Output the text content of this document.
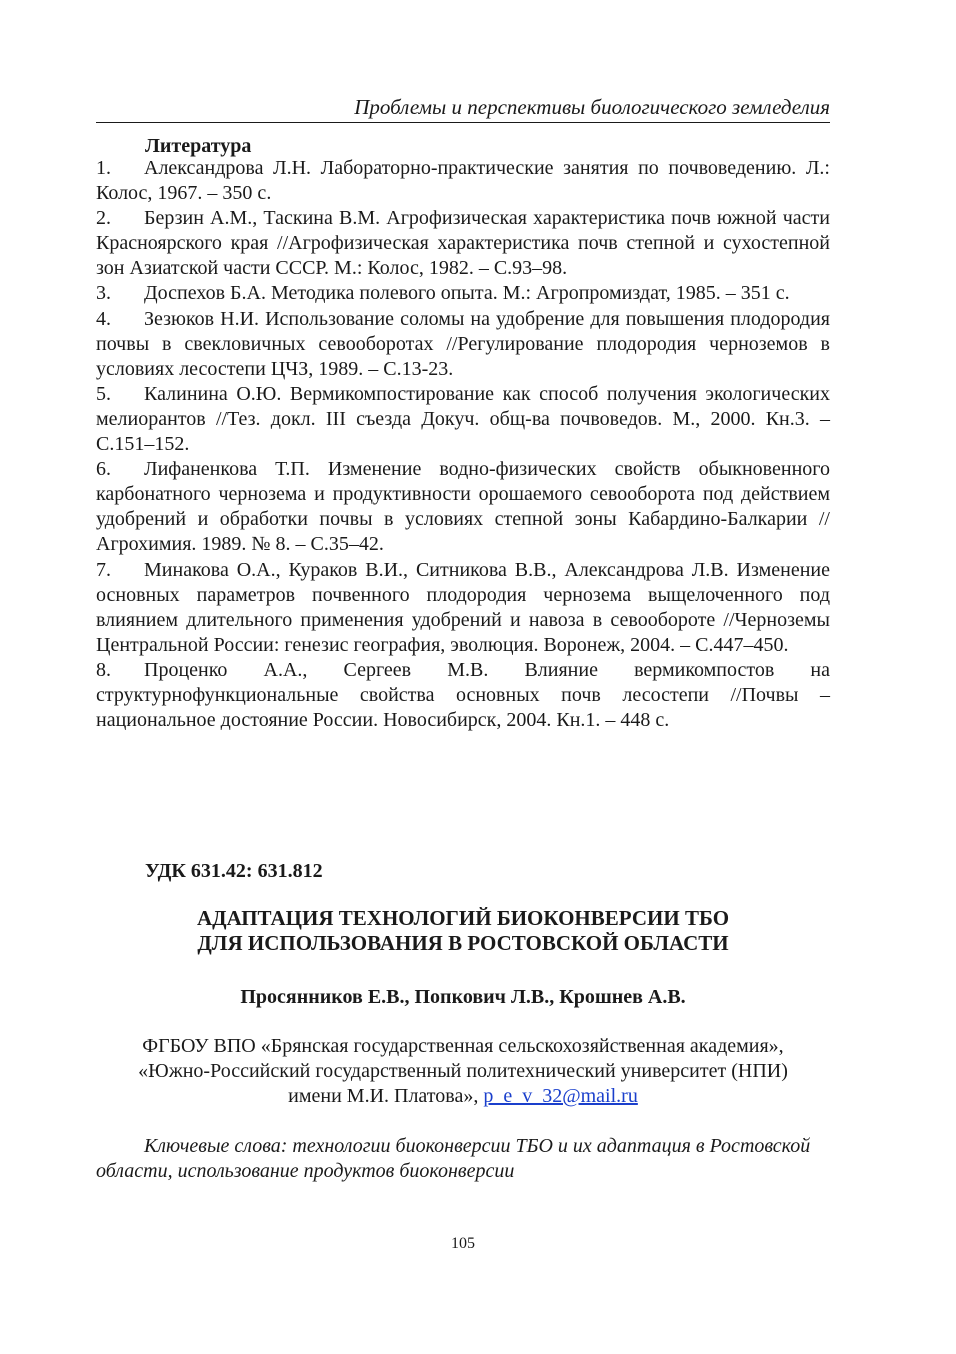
Проблемы и перспективы биологического земледелия
Литература
1. Александрова Л.Н. Лабораторно-практические занятия по почвоведению. Л.: Колос, 1967. – 350 с.
2. Берзин А.М., Таскина В.М. Агрофизическая характеристика почв южной части Красноярского края //Агрофизическая характеристика почв степной и сухостепной зон Азиатской части СССР. М.: Колос, 1982. – С.93–98.
3. Доспехов Б.А. Методика полевого опыта. М.: Агропромиздат, 1985. – 351 с.
4. Зезюков Н.И. Использование соломы на удобрение для повышения плодородия почвы в свекловичных севооборотах //Регулирование плодородия черноземов в условиях лесостепи ЦЧЗ, 1989. – С.13-23.
5. Калинина О.Ю. Вермикомпостирование как способ получения экологических мелиорантов //Тез. докл. III съезда Докуч. общ-ва почвоведов. М., 2000. Кн.3. – С.151–152.
6. Лифаненкова Т.П. Изменение водно-физических свойств обыкновенного карбонатного чернозема и продуктивности орошаемого севооборота под действием удобрений и обработки почвы в условиях степной зоны Кабардино-Балкарии //Агрохимия. 1989. № 8. – С.35–42.
7. Минакова О.А., Кураков В.И., Ситникова В.В., Александрова Л.В. Изменение основных параметров почвенного плодородия чернозема выщелоченного под влиянием длительного применения удобрений и навоза в севообороте //Черноземы Центральной России: генезис география, эволюция. Воронеж, 2004. – С.447–450.
8. Проценко А.А., Сергеев М.В. Влияние вермикомпостов на структурнофункциональные свойства основных почв лесостепи //Почвы – национальное достояние России. Новосибирск, 2004. Кн.1. – 448 с.
УДК 631.42: 631.812
АДАПТАЦИЯ ТЕХНОЛОГИЙ БИОКОНВЕРСИИ ТБО
ДЛЯ ИСПОЛЬЗОВАНИЯ В РОСТОВСКОЙ ОБЛАСТИ
Просянников Е.В., Попкович Л.В., Крошнев А.В.
ФГБОУ ВПО «Брянская государственная сельскохозяйственная академия»,
«Южно-Российский государственный политехнический университет (НПИ)
имени М.И. Платова», p_e_v_32@mail.ru
Ключевые слова: технологии биоконверсии ТБО и их адаптация в Ростовской области, использование продуктов биоконверсии
105
